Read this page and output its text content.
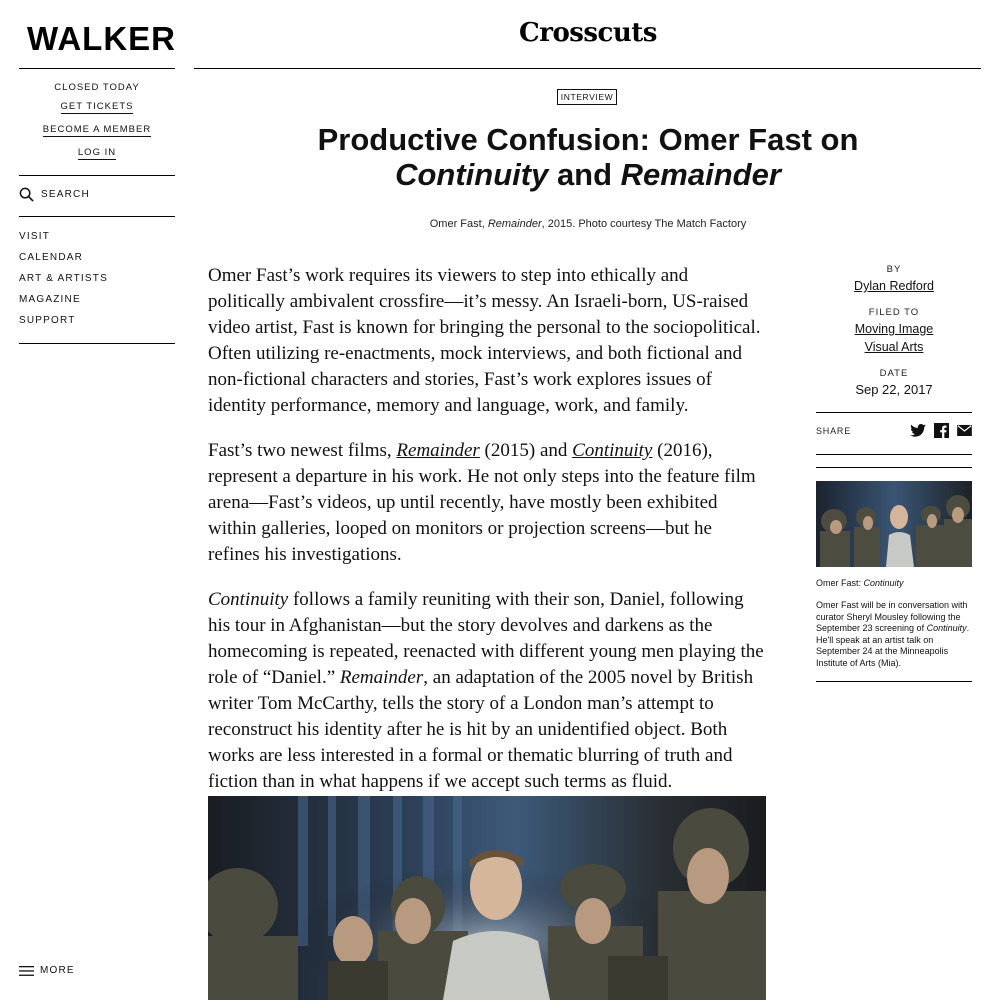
WALKER
CLOSED TODAY
GET TICKETS
BECOME A MEMBER
LOG IN
SEARCH
VISIT
CALENDAR
ART & ARTISTS
MAGAZINE
SUPPORT
MORE
Crosscuts
INTERVIEW
Productive Confusion: Omer Fast on
Continuity and Remainder
Omer Fast, Remainder, 2015. Photo courtesy The Match Factory

Omer Fast’s work requires its viewers to step into ethically and politically ambivalent crossfire—it’s messy. An Israeli-born, US-raised video artist, Fast is known for bringing the personal to the sociopolitical. Often utilizing re-enactments, mock interviews, and both fictional and non-fictional characters and stories, Fast’s work explores issues of identity performance, memory and language, work, and family.

Fast’s two newest films, Remainder (2015) and Continuity (2016), represent a departure in his work. He not only steps into the feature film arena—Fast’s videos, up until recently, have mostly been exhibited within galleries, looped on monitors or projection screens—but he refines his investigations.

Continuity follows a family reuniting with their son, Daniel, following his tour in Afghanistan—but the story devolves and darkens as the homecoming is repeated, reenacted with different young men playing the role of “Daniel.” Remainder, an adaptation of the 2005 novel by British writer Tom McCarthy, tells the story of a London man’s attempt to reconstruct his identity after he is hit by an unidentified object. Both works are less interested in a formal or thematic blurring of truth and fiction than in what happens if we accept such terms as fluid.

BY
Dylan Redford
FILED TO
Moving Image
Visual Arts
DATE
Sep 22, 2017
SHARE
Omer Fast: Continuity
Omer Fast will be in conversation with curator Sheryl Mousley following the September 23 screening of Continuity. He'll speak at an artist talk on September 24 at the Minneapolis Institute of Arts (Mia).
